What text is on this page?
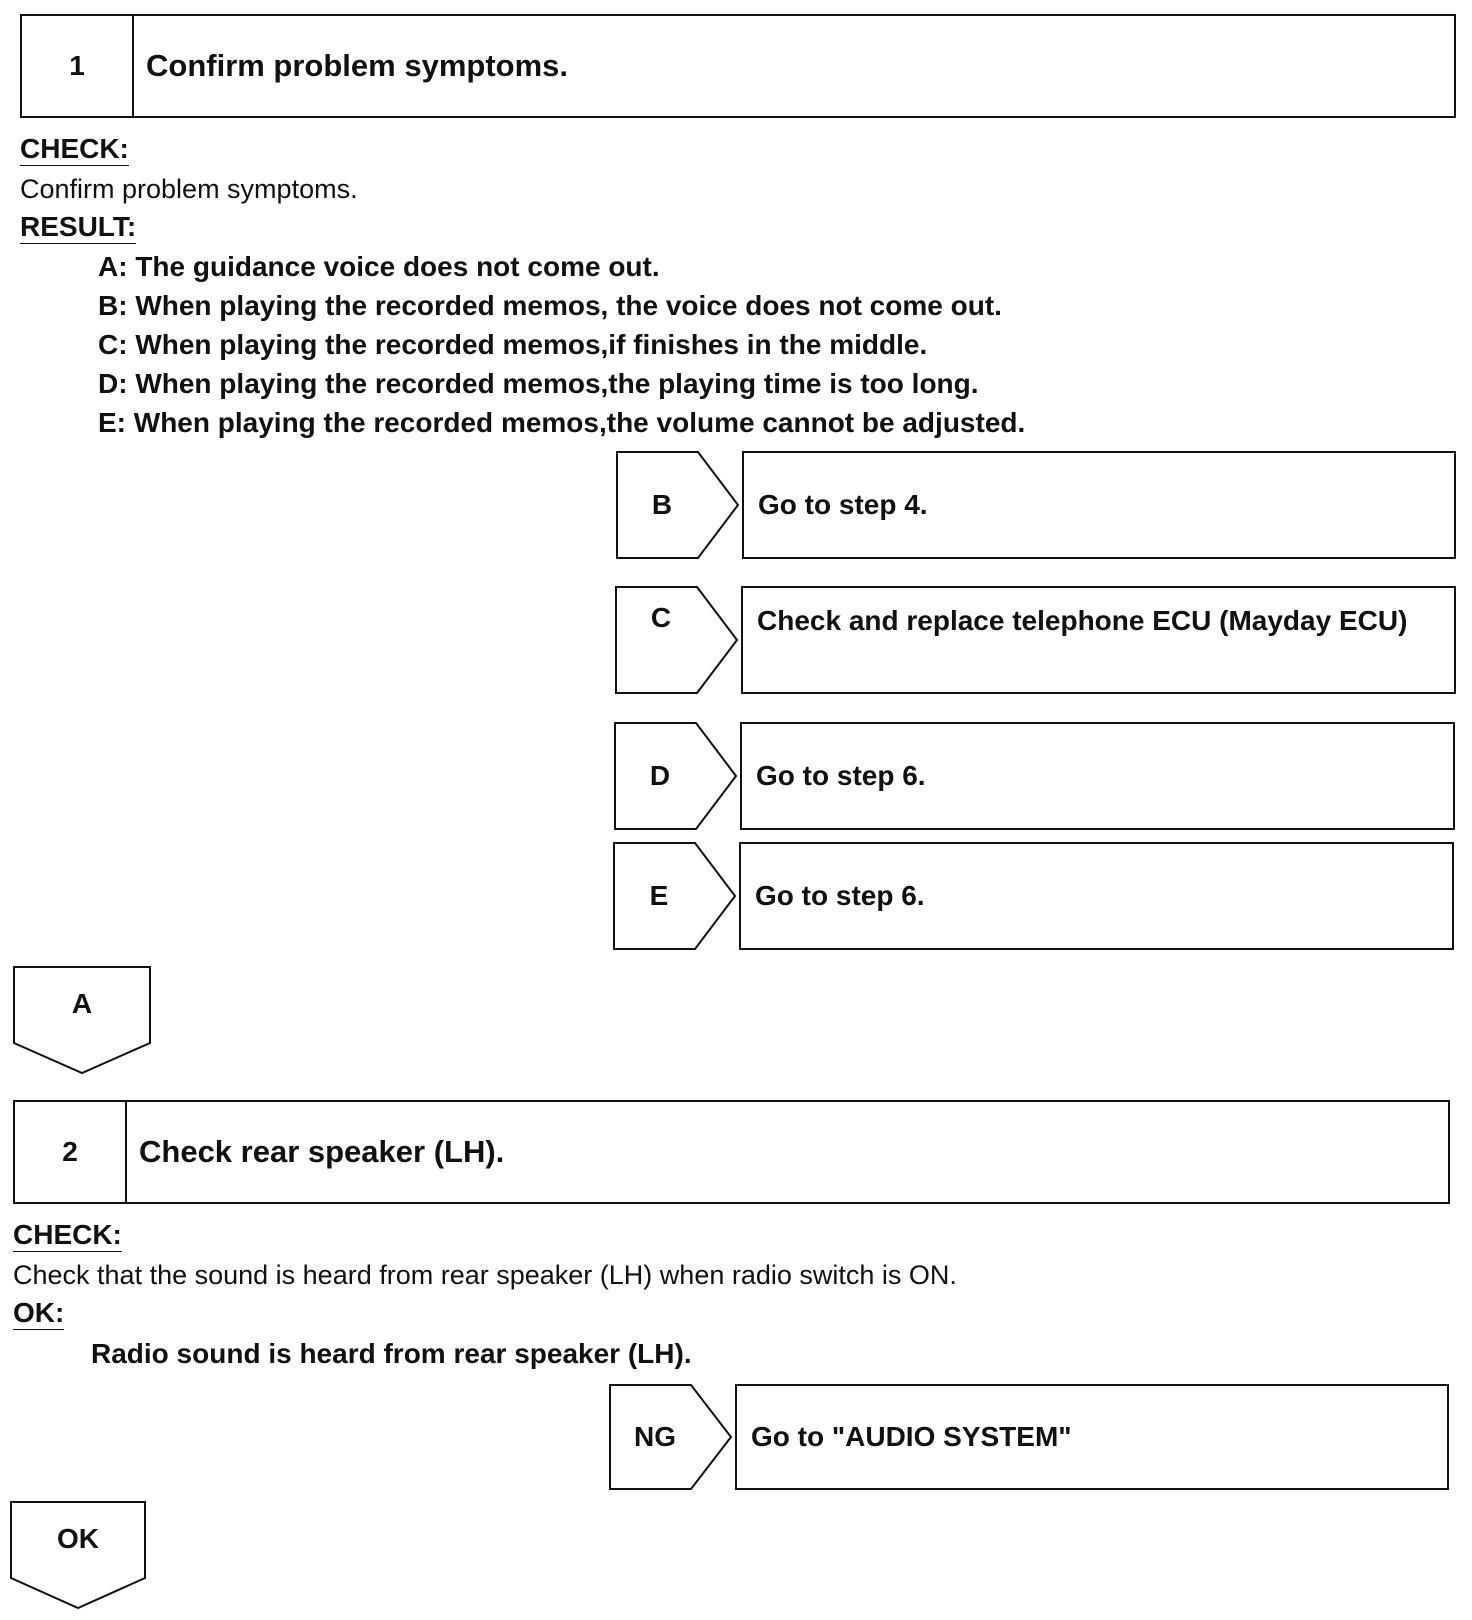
1	Confirm problem symptoms.
CHECK:
Confirm problem symptoms.
RESULT:
A: The guidance voice does not come out.
B: When playing the recorded memos, the voice does not come out.
C: When playing the recorded memos,if finishes in the middle.
D: When playing the recorded memos,the playing time is too long.
E: When playing the recorded memos,the volume cannot be adjusted.
B	Go to step 4.
C	Check and replace telephone ECU (Mayday ECU)
D	Go to step 6.
E	Go to step 6.
A
2	Check rear speaker (LH).
CHECK:
Check that the sound is heard from rear speaker (LH) when radio switch is ON.
OK:
Radio sound is heard from rear speaker (LH).
NG	Go to "AUDIO SYSTEM"
OK
